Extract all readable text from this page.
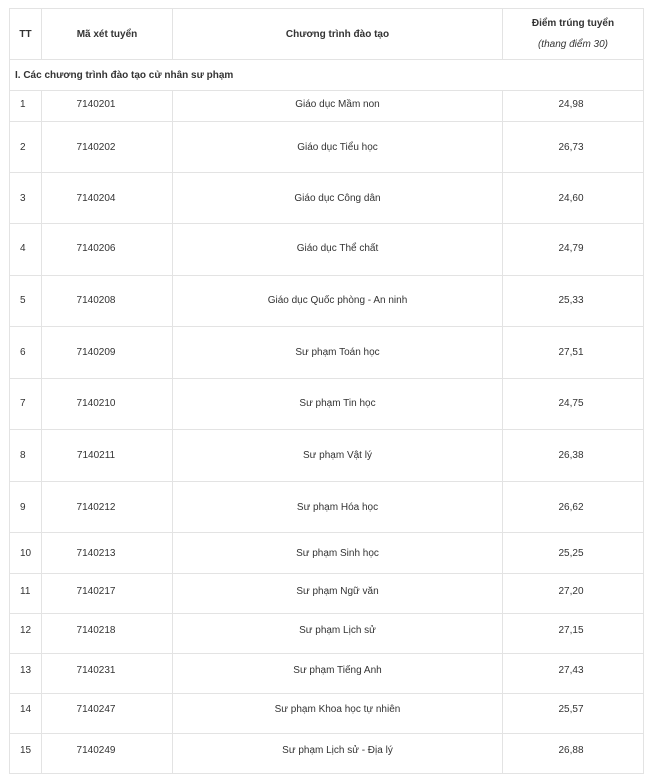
TT	Mã xét tuyển	Chương trình đào tạo	Điểm trúng tuyển
(thang điểm 30)

I. Các chương trình đào tạo cử nhân sư phạm			
1	7140201	Giáo dục Mầm non	24,98
2	7140202	Giáo dục Tiểu học	26,73
3	7140204	Giáo dục Công dân	24,60
4	7140206	Giáo dục Thể chất	24,79
5	7140208	Giáo dục Quốc phòng - An ninh	25,33
6	7140209	Sư phạm Toán học	27,51
7	7140210	Sư phạm Tin học	24,75
8	7140211	Sư phạm Vật lý	26,38
9	7140212	Sư phạm Hóa học	26,62
10	7140213	Sư phạm Sinh học	25,25
11	7140217	Sư phạm Ngữ văn	27,20
12	7140218	Sư phạm Lịch sử	27,15
13	7140231	Sư phạm Tiếng Anh	27,43
14	7140247	Sư phạm Khoa học tự nhiên	25,57
15	7140249	Sư phạm Lịch sử - Địa lý	26,88
